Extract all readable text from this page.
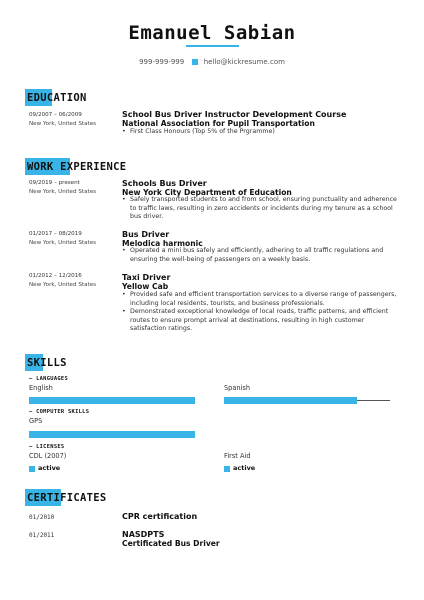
Emanuel Sabian
999-999-999	hello@kickresume.com
EDUCATION
09/2007 – 06/2009
New York, United States
School Bus Driver Instructor Development Course
National Association for Pupil Transportation
• First Class Honours (Top 5% of the Prgramme)
WORK EXPERIENCE
09/2019 – present
New York, United States
Schools Bus Driver
New York City Department of Education
• Safely transported students to and from school, ensuring punctuality and adherence to traffic laws, resulting in zero accidents or incidents during my tenure as a school bus driver.
01/2017 – 08/2019
New York, United States
Bus Driver
Melodica harmonic
• Operated a mini bus safely and efficiently, adhering to all traffic regulations and ensuring the well-being of passengers on a weekly basis.
01/2012 – 12/2016
New York, United States
Taxi Driver
Yellow Cab
• Provided safe and efficient transportation services to a diverse range of passengers, including local residents, tourists, and business professionals.
• Demonstrated exceptional knowledge of local roads, traffic patterns, and efficient routes to ensure prompt arrival at destinations, resulting in high customer satisfaction ratings.
SKILLS
– LANGUAGES
English	Spanish
– COMPUTER SKILLS
GPS
– LICENSES
CDL (2007)	First Aid
active	active
CERTIFICATES
01/2010	CPR certification
01/2011	NASDPTS
Certificated Bus Driver
